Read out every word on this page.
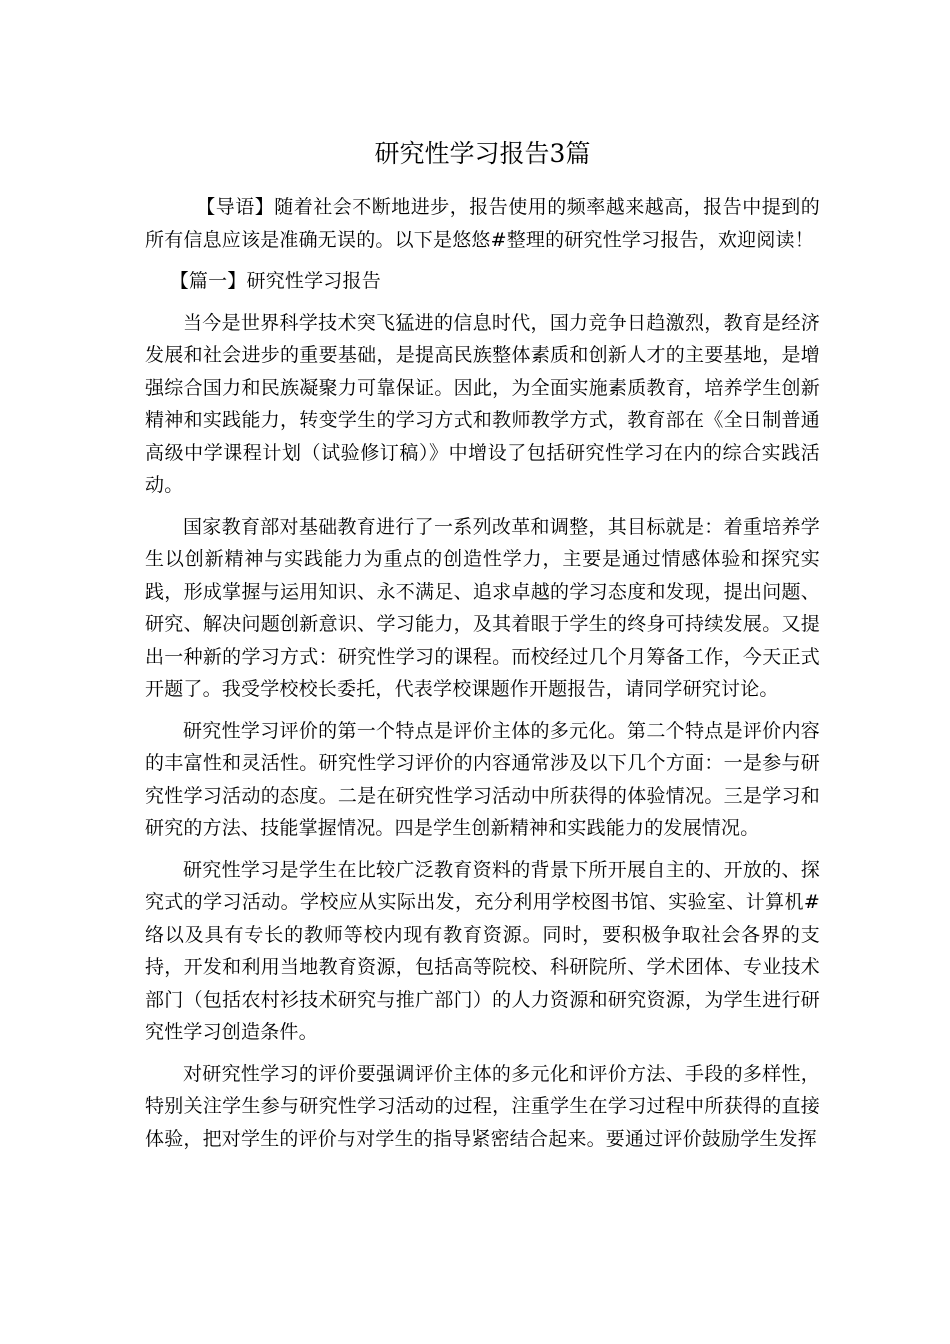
研究性学习报告3篇

【导语】随着社会不断地进步，报告使用的频率越来越高，报告中提到的所有信息应该是准确无误的。以下是悠悠#整理的研究性学习报告，欢迎阅读！

【篇一】研究性学习报告

当今是世界科学技术突飞猛进的信息时代，国力竞争日趋激烈，教育是经济发展和社会进步的重要基础，是提高民族整体素质和创新人才的主要基地，是增强综合国力和民族凝聚力可靠保证。因此，为全面实施素质教育，培养学生创新精神和实践能力，转变学生的学习方式和教师教学方式，教育部在《全日制普通高级中学课程计划（试验修订稿）》中增设了包括研究性学习在内的综合实践活动。

国家教育部对基础教育进行了一系列改革和调整，其目标就是：着重培养学生以创新精神与实践能力为重点的创造性学力，主要是通过情感体验和探究实践，形成掌握与运用知识、永不满足、追求卓越的学习态度和发现，提出问题、研究、解决问题创新意识、学习能力，及其着眼于学生的终身可持续发展。又提出一种新的学习方式：研究性学习的课程。而校经过几个月筹备工作，今天正式开题了。我受学校校长委托，代表学校课题作开题报告，请同学研究讨论。

研究性学习评价的第一个特点是评价主体的多元化。第二个特点是评价内容的丰富性和灵活性。研究性学习评价的内容通常涉及以下几个方面：一是参与研究性学习活动的态度。二是在研究性学习活动中所获得的体验情况。三是学习和研究的方法、技能掌握情况。四是学生创新精神和实践能力的发展情况。

研究性学习是学生在比较广泛教育资料的背景下所开展自主的、开放的、探究式的学习活动。学校应从实际出发，充分利用学校图书馆、实验室、计算机#络以及具有专长的教师等校内现有教育资源。同时，要积极争取社会各界的支持，开发和利用当地教育资源，包括高等院校、科研院所、学术团体、专业技术部门（包括农村衫技术研究与推广部门）的人力资源和研究资源，为学生进行研究性学习创造条件。

对研究性学习的评价要强调评价主体的多元化和评价方法、手段的多样性，特别关注学生参与研究性学习活动的过程，注重学生在学习过程中所获得的直接体验，把对学生的评价与对学生的指导紧密结合起来。要通过评价鼓励学生发挥
